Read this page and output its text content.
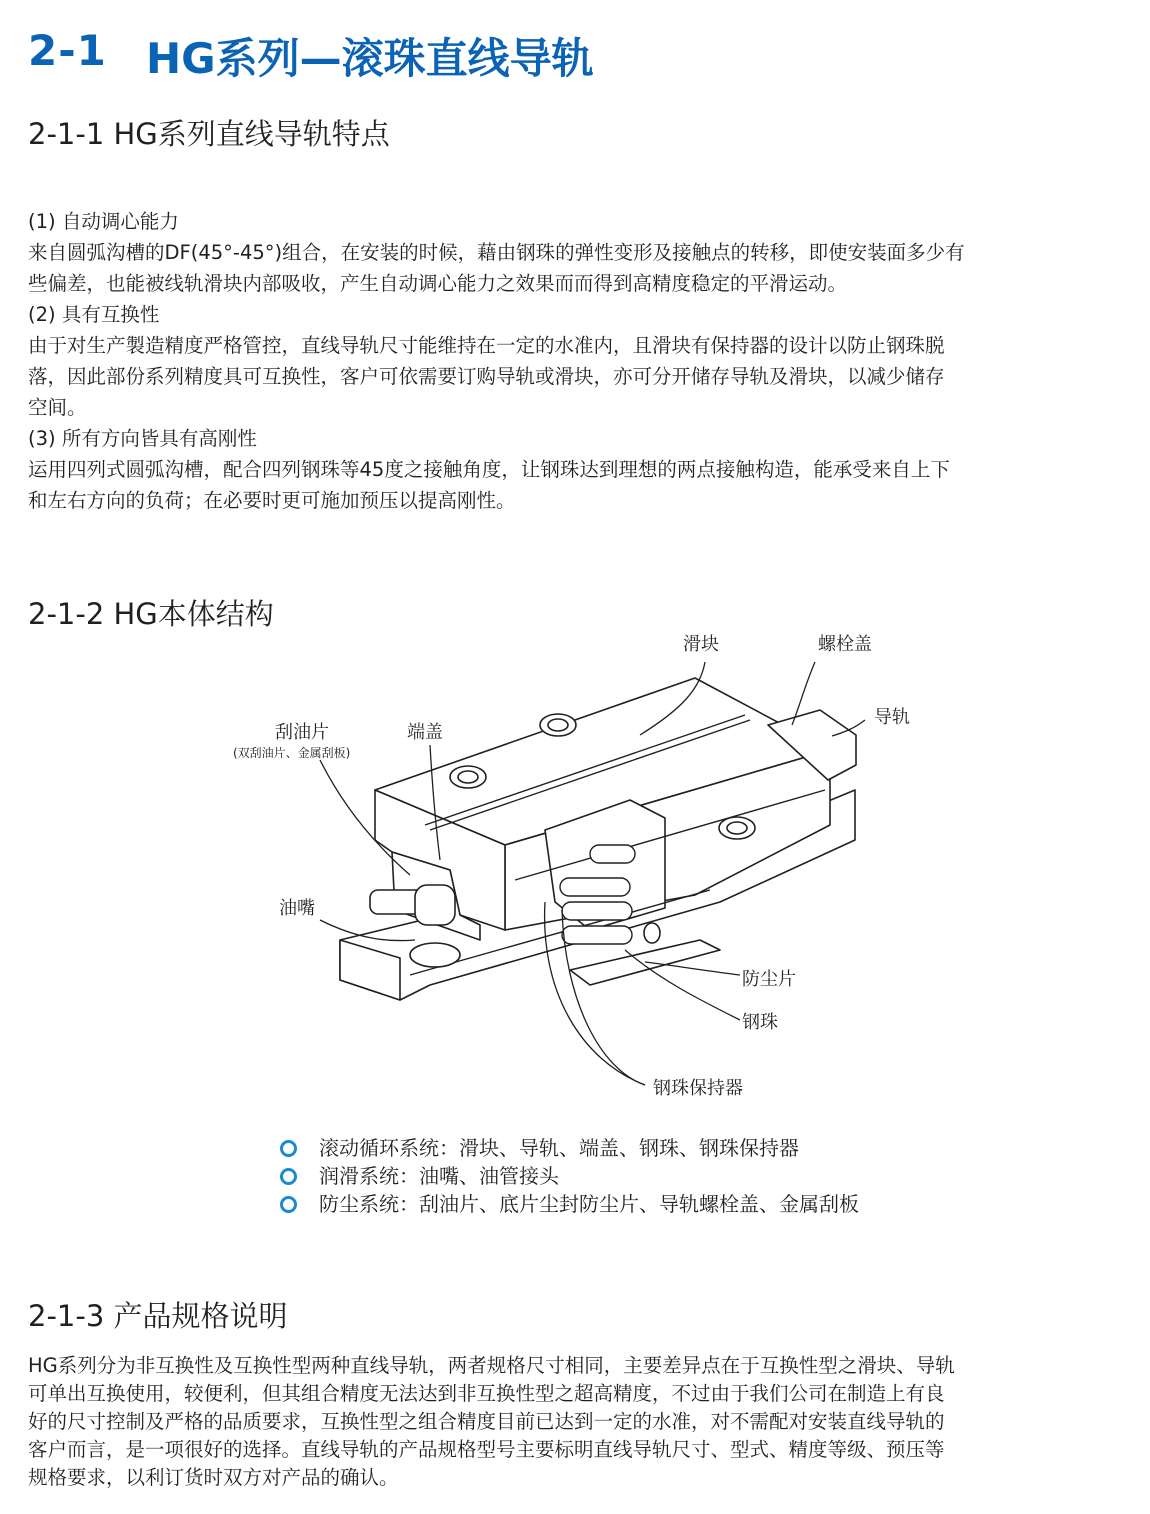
2-1 HG系列—滚珠直线导轨
2-1-1 HG系列直线导轨特点

(1) 自动调心能力

来自圆弧沟槽的DF(45°-45°)组合，在安装的时候，藉由钢珠的弹性变形及接触点的转移，即使安装面多少有

些偏差，也能被线轨滑块内部吸收，产生自动调心能力之效果而而得到高精度稳定的平滑运动。

(2) 具有互换性

由于对生产製造精度严格管控，直线导轨尺寸能维持在一定的水准内，且滑块有保持器的设计以防止钢珠脱

落，因此部份系列精度具可互换性，客户可依需要订购导轨或滑块，亦可分开储存导轨及滑块，以减少储存

空间。

(3) 所有方向皆具有高刚性

运用四列式圆弧沟槽，配合四列钢珠等45度之接触角度，让钢珠达到理想的两点接触构造，能承受来自上下

和左右方向的负荷；在必要时更可施加预压以提高刚性。

2-1-2 HG本体结构
滑块	螺栓盖
导轨
刮油片
(双刮油片、金属刮板)
端盖
油嘴
防尘片
钢珠
钢珠保持器
滚动循环系统：滑块、导轨、端盖、钢珠、钢珠保持器
润滑系统：油嘴、油管接头
防尘系统：刮油片、底片尘封防尘片、导轨螺栓盖、金属刮板
2-1-3 产品规格说明
HG系列分为非互换性及互换性型两种直线导轨，两者规格尺寸相同，主要差异点在于互换性型之滑块、导轨
可单出互换使用，较便利，但其组合精度无法达到非互换性型之超高精度，不过由于我们公司在制造上有良
好的尺寸控制及严格的品质要求，互换性型之组合精度目前已达到一定的水准，对不需配对安装直线导轨的
客户而言，是一项很好的选择。直线导轨的产品规格型号主要标明直线导轨尺寸、型式、精度等级、预压等
规格要求，以利订货时双方对产品的确认。
